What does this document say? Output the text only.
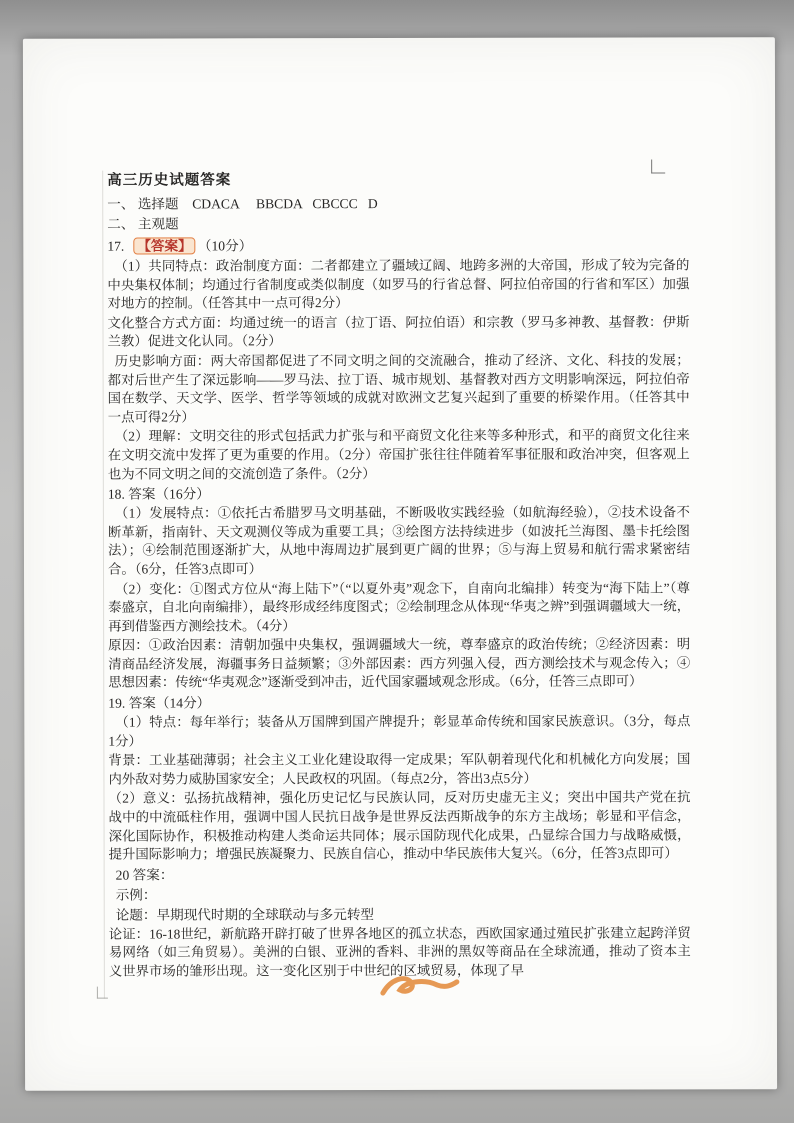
高三历史试题答案

一、 选择题    CDACA     BBCDA   CBCCC   D

二、 主观题

17. 【答案】 （10分）

（1）共同特点：政治制度方面：二者都建立了疆域辽阔、地跨多洲的大帝国，形成了较为完备的中央集权体制；均通过行省制度或类似制度（如罗马的行省总督、阿拉伯帝国的行省和军区）加强对地方的控制。（任答其中一点可得2分）

文化整合方式方面：均通过统一的语言（拉丁语、阿拉伯语）和宗教（罗马多神教、基督教：伊斯兰教）促进文化认同。（2分）

历史影响方面：两大帝国都促进了不同文明之间的交流融合，推动了经济、文化、科技的发展；都对后世产生了深远影响——罗马法、拉丁语、城市规划、基督教对西方文明影响深远，阿拉伯帝国在数学、天文学、医学、哲学等领域的成就对欧洲文艺复兴起到了重要的桥梁作用。（任答其中一点可得2分）

（2）理解：文明交往的形式包括武力扩张与和平商贸文化往来等多种形式，和平的商贸文化往来在文明交流中发挥了更为重要的作用。（2分）帝国扩张往往伴随着军事征服和政治冲突，但客观上也为不同文明之间的交流创造了条件。（2分）

18. 答案（16分）

（1）发展特点：①依托古希腊罗马文明基础，不断吸收实践经验（如航海经验），②技术设备不断革新，指南针、天文观测仪等成为重要工具；③绘图方法持续进步（如波托兰海图、墨卡托绘图法）；④绘制范围逐渐扩大，从地中海周边扩展到更广阔的世界；⑤与海上贸易和航行需求紧密结合。（6分，任答3点即可）

（2）变化：①图式方位从“海上陆下”（“以夏外夷”观念下，自南向北编排）转变为“海下陆上”（尊泰盛京，自北向南编排），最终形成经纬度图式；②绘制理念从体现“华夷之辨”到强调疆域大一统，再到借鉴西方测绘技术。（4分）

原因：①政治因素：清朝加强中央集权，强调疆域大一统，尊奉盛京的政治传统；②经济因素：明清商品经济发展，海疆事务日益频繁；③外部因素：西方列强入侵，西方测绘技术与观念传入；④思想因素：传统“华夷观念”逐渐受到冲击，近代国家疆域观念形成。（6分，任答三点即可）

19. 答案（14分）

（1）特点：每年举行；装备从万国牌到国产牌提升；彰显革命传统和国家民族意识。（3分，每点1分）

背景：工业基础薄弱；社会主义工业化建设取得一定成果；军队朝着现代化和机械化方向发展；国内外敌对势力威胁国家安全；人民政权的巩固。（每点2分，答出3点5分）

（2）意义：弘扬抗战精神，强化历史记忆与民族认同，反对历史虚无主义；突出中国共产党在抗战中的中流砥柱作用，强调中国人民抗日战争是世界反法西斯战争的东方主战场；彰显和平信念，深化国际协作，积极推动构建人类命运共同体；展示国防现代化成果，凸显综合国力与战略威慑，提升国际影响力；增强民族凝聚力、民族自信心，推动中华民族伟大复兴。（6分，任答3点即可）

20 答案：

示例：

论题：早期现代时期的全球联动与多元转型

论证：16-18世纪，新航路开辟打破了世界各地区的孤立状态，西欧国家通过殖民扩张建立起跨洋贸易网络（如三角贸易）。美洲的白银、亚洲的香料、非洲的黑奴等商品在全球流通，推动了资本主义世界市场的雏形出现。这一变化区别于中世纪的区域贸易，体现了早
